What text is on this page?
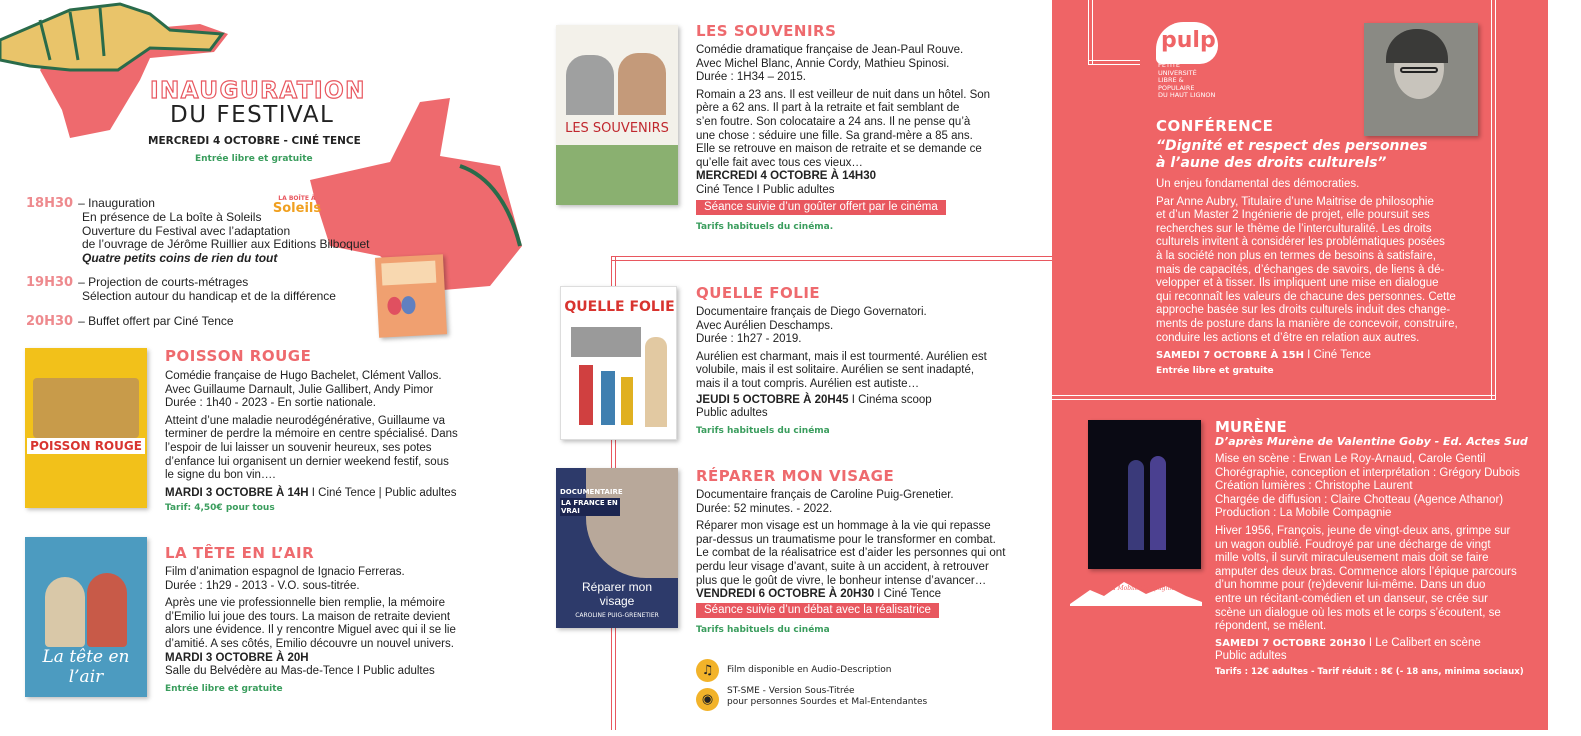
INAUGURATION
DU FESTIVAL
MERCREDI 4 OCTOBRE - CINÉ TENCE
Entrée libre et gratuite
18H30 – Inauguration
En présence de La boîte à Soleils
Ouverture du Festival avec l’adaptation
de l’ouvrage de Jérôme Ruillier aux Editions Bilboquet
Quatre petits coins de rien du tout
LA BOÎTE À
Soleils
19H30 – Projection de courts-métrages
Sélection autour du handicap et de la différence
20H30 – Buffet offert par Ciné Tence
POISSON ROUGE
POISSON ROUGE
Comédie française de Hugo Bachelet, Clément Vallos.
Avec Guillaume Darnault, Julie Gallibert, Andy Pimor
Durée : 1h40 - 2023 - En sortie nationale.
Atteint d’une maladie neurodégénérative, Guillaume va
terminer de perdre la mémoire en centre spécialisé. Dans
l’espoir de lui laisser un souvenir heureux, ses potes
d’enfance lui organisent un dernier weekend festif, sous
le signe du bon vin….
MARDI 3 OCTOBRE À 14H I Ciné Tence | Public adultes
Tarif: 4,50€ pour tous
La tête en l’air
LA TÊTE EN L’AIR
Film d’animation espagnol de Ignacio Ferreras.
Durée : 1h29 - 2013 - V.O. sous-titrée.
Après une vie professionnelle bien remplie, la mémoire
d’Emilio lui joue des tours. La maison de retraite devient
alors une évidence. Il y rencontre Miguel avec qui il se lie
d’amitié. A ses côtés, Emilio découvre un nouvel univers.
MARDI 3 OCTOBRE À 20H
Salle du Belvédère au Mas-de-Tence I Public adultes
Entrée libre et gratuite
LES SOUVENIRS
LES SOUVENIRS
Comédie dramatique française de Jean-Paul Rouve.
Avec Michel Blanc, Annie Cordy, Mathieu Spinosi.
Durée : 1H34 – 2015.
Romain a 23 ans. Il est veilleur de nuit dans un hôtel. Son
père a 62 ans. Il part à la retraite et fait semblant de
s’en foutre. Son colocataire a 24 ans. Il ne pense qu’à
une chose : séduire une fille. Sa grand-mère a 85 ans.
Elle se retrouve en maison de retraite et se demande ce
qu’elle fait avec tous ces vieux…
MERCREDI 4 OCTOBRE À 14H30
Ciné Tence I Public adultes
Séance suivie d’un goûter offert par le cinéma
Tarifs habituels du cinéma.
QUELLE FOLIE
QUELLE FOLIE
Documentaire français de Diego Governatori.
Avec Aurélien Deschamps.
Durée : 1h27 - 2019.
Aurélien est charmant, mais il est tourmenté. Aurélien est
volubile, mais il est solitaire. Aurélien se sent inadapté,
mais il a tout compris. Aurélien est autiste…
JEUDI 5 OCTOBRE À 20H45 I Cinéma scoop
Public adultes
Tarifs habituels du cinéma
DOCUMENTAIRE
LA FRANCE EN VRAI
Réparer mon visage
CAROLINE PUIG-GRENETIER
RÉPARER MON VISAGE
Documentaire français de Caroline Puig-Grenetier.
Durée: 52 minutes. - 2022.
Réparer mon visage est un hommage à la vie qui repasse
par-dessus un traumatisme pour le transformer en combat.
Le combat de la réalisatrice est d’aider les personnes qui ont
perdu leur visage d’avant, suite à un accident, à retrouver
plus que le goût de vivre, le bonheur intense d’avancer…
VENDREDI 6 OCTOBRE À 20H30 I Ciné Tence
Séance suivie d’un débat avec la réalisatrice
Tarifs habituels du cinéma
♫	Film disponible en Audio-Description
◉
ST-SME - Version Sous-Titrée
pour personnes Sourdes et Mal-Entendantes
pulp
PETITE
UNIVERSITÉ
LIBRE &
POPULAIRE
DU HAUT LIGNON
CONFÉRENCE
“Dignité et respect des personnes
à l’aune des droits culturels”
Un enjeu fondamental des démocraties.
Par Anne Aubry, Titulaire d’une Maitrise de philosophie
et d’un Master 2 Ingénierie de projet, elle poursuit ses
recherches sur le thème de l’interculturalité. Les droits
culturels invitent à considérer les problématiques posées
à la société non plus en termes de besoins à satisfaire,
mais de capacités, d’échanges de savoirs, de liens à dé-
velopper et à tisser. Ils impliquent une mise en dialogue
qui reconnaît les valeurs de chacune des personnes. Cette
approche basée sur les droits culturels induit des change-
ments de posture dans la manière de concevoir, construire,
conduire les actions et d’être en relation aux autres.
SAMEDI 7 OCTOBRE À 15H I Ciné Tence
Entrée libre et gratuite
La Mobile Compagnie
MURÈNE
D’après Murène de Valentine Goby - Ed. Actes Sud
Mise en scène : Erwan Le Roy-Arnaud, Carole Gentil
Chorégraphie, conception et interprétation : Grégory Dubois
Création lumières : Christophe Laurent
Chargée de diffusion : Claire Chotteau (Agence Athanor)
Production : La Mobile Compagnie
Hiver 1956, François, jeune de vingt-deux ans, grimpe sur
un wagon oublié. Foudroyé par une décharge de vingt
mille volts, il survit miraculeusement mais doit se faire
amputer des deux bras. Commence alors l’épique parcours
d’un homme pour (re)devenir lui-même. Dans un duo
entre un récitant-comédien et un danseur, se crée sur
scène un dialogue où les mots et le corps s’écoutent, se
répondent, se mêlent.
SAMEDI 7 OCTOBRE 20H30 I Le Calibert en scène
Public adultes
Tarifs : 12€ adultes - Tarif réduit : 8€ (- 18 ans, minima sociaux)
